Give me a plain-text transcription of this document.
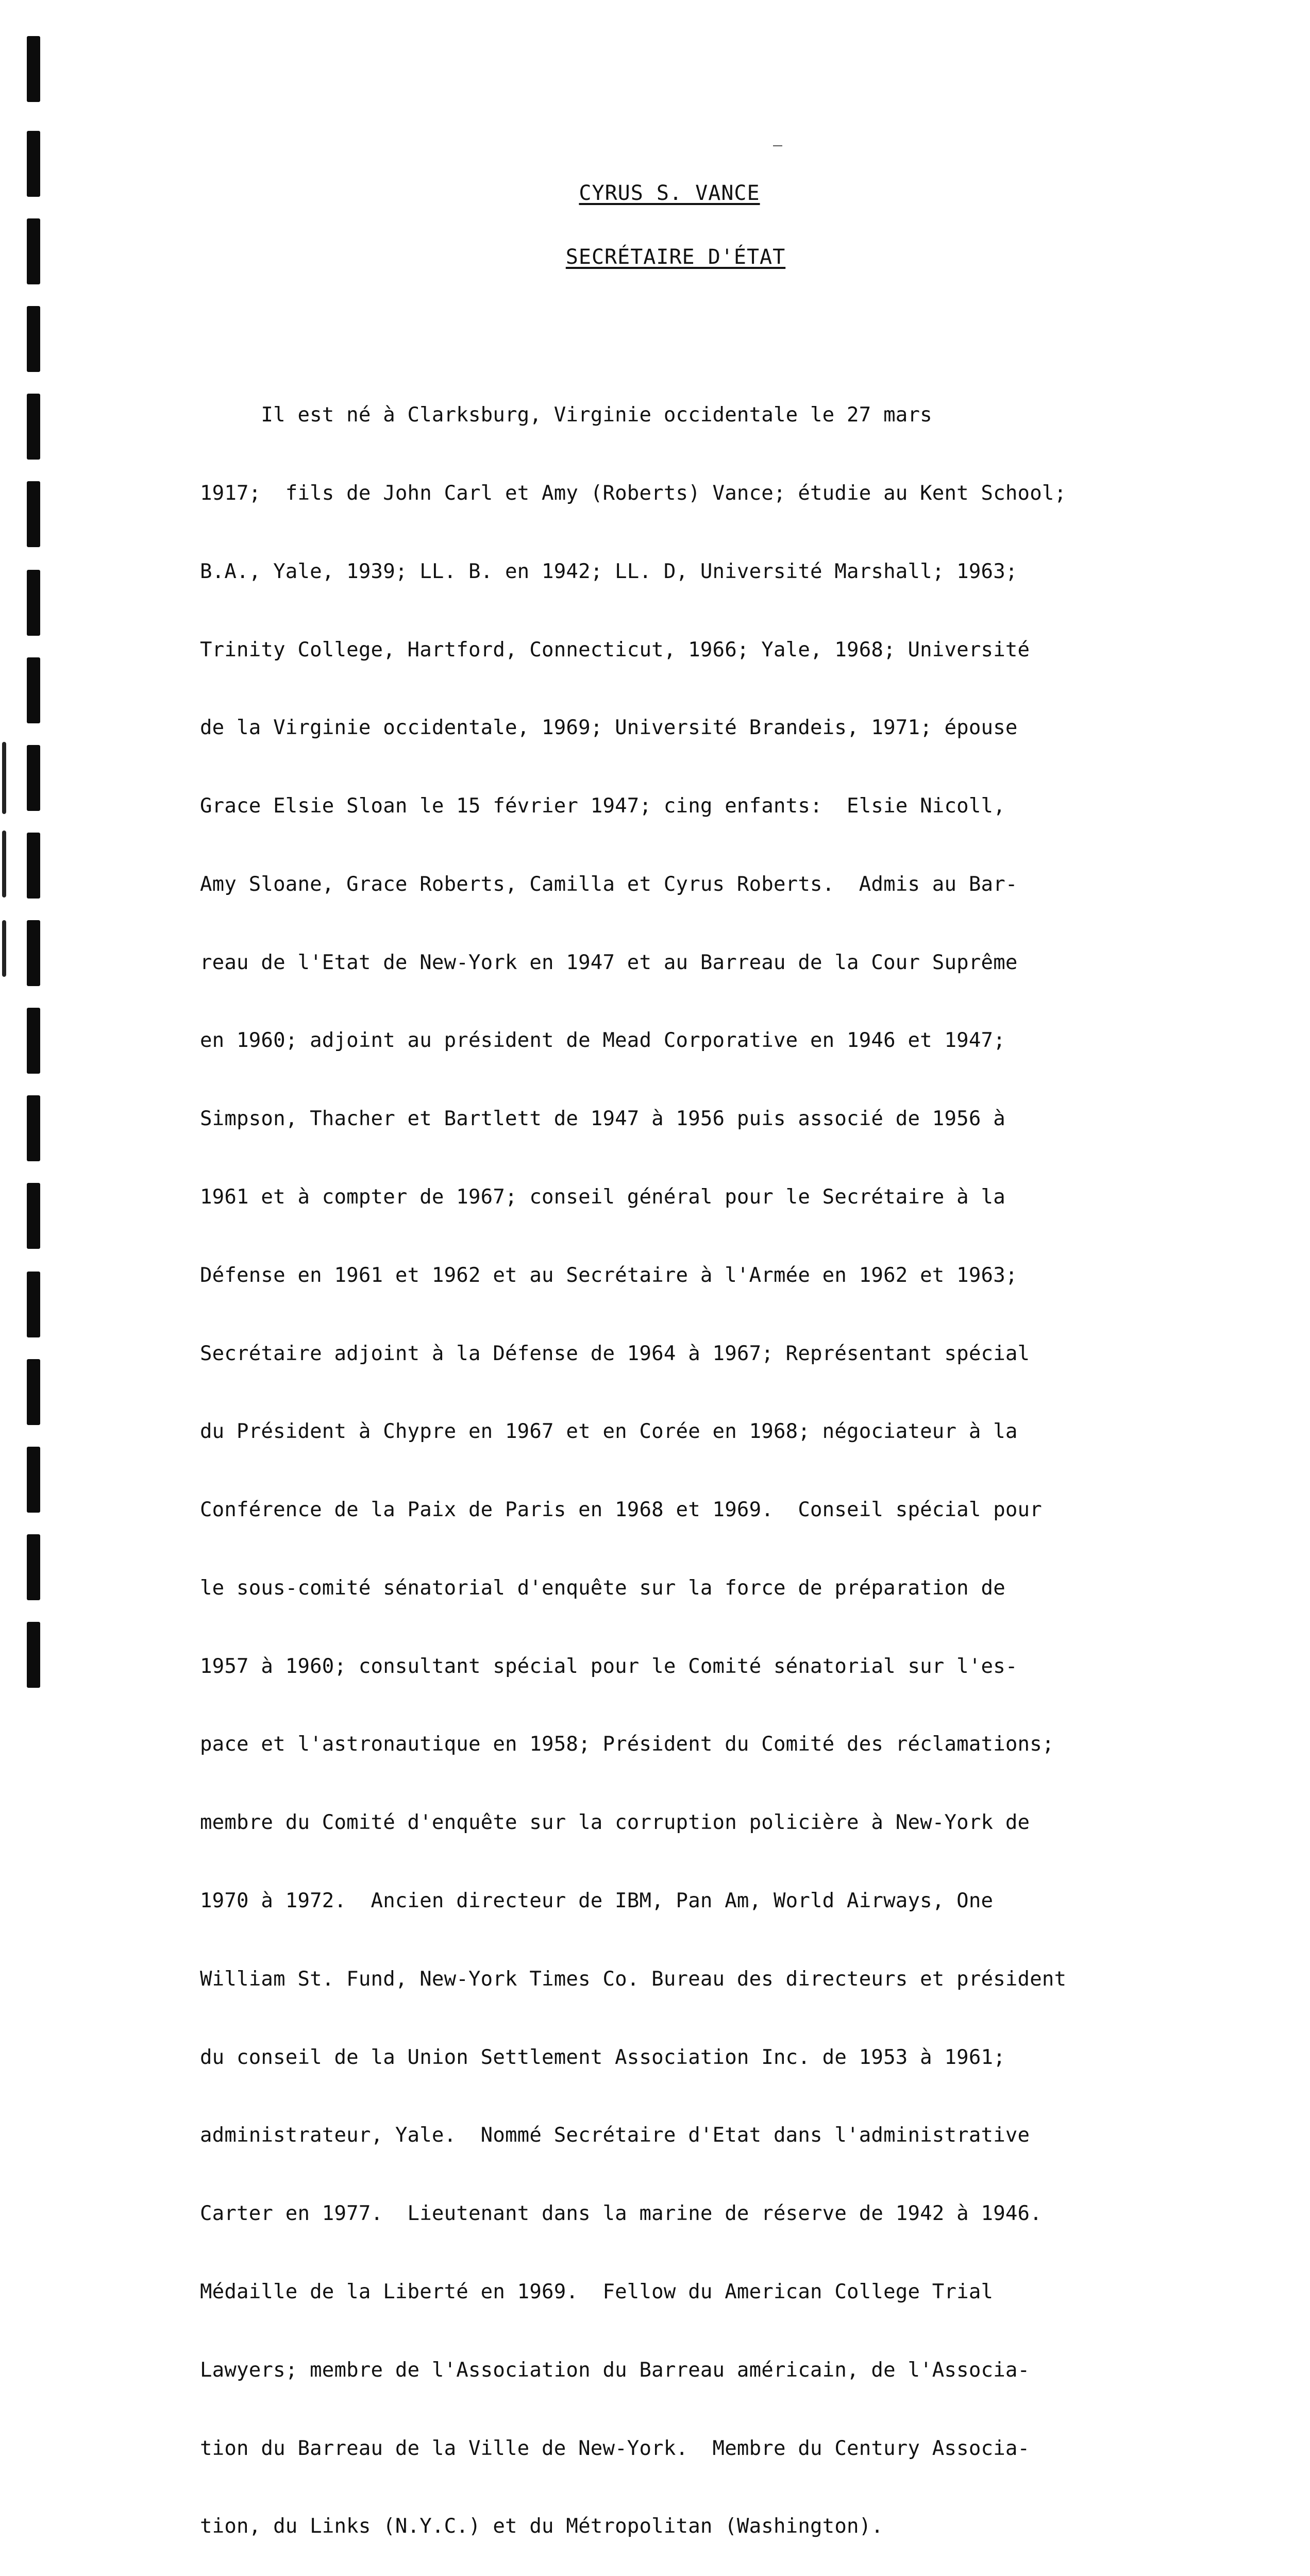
CYRUS S. VANCE
SECRÉTAIRE D'ÉTAT

Il est né à Clarksburg, Virginie occidentale le 27 mars

1917;  fils de John Carl et Amy (Roberts) Vance; étudie au Kent School;

B.A., Yale, 1939; LL. B. en 1942; LL. D, Université Marshall; 1963;

Trinity College, Hartford, Connecticut, 1966; Yale, 1968; Université

de la Virginie occidentale, 1969; Université Brandeis, 1971; épouse

Grace Elsie Sloan le 15 février 1947; cing enfants:  Elsie Nicoll,

Amy Sloane, Grace Roberts, Camilla et Cyrus Roberts.  Admis au Bar-

reau de l'Etat de New-York en 1947 et au Barreau de la Cour Suprême

en 1960; adjoint au président de Mead Corporative en 1946 et 1947;

Simpson, Thacher et Bartlett de 1947 à 1956 puis associé de 1956 à

1961 et à compter de 1967; conseil général pour le Secrétaire à la

Défense en 1961 et 1962 et au Secrétaire à l'Armée en 1962 et 1963;

Secrétaire adjoint à la Défense de 1964 à 1967; Représentant spécial

du Président à Chypre en 1967 et en Corée en 1968; négociateur à la

Conférence de la Paix de Paris en 1968 et 1969.  Conseil spécial pour

le sous-comité sénatorial d'enquête sur la force de préparation de

1957 à 1960; consultant spécial pour le Comité sénatorial sur l'es-

pace et l'astronautique en 1958; Président du Comité des réclamations;

membre du Comité d'enquête sur la corruption policière à New-York de

1970 à 1972.  Ancien directeur de IBM, Pan Am, World Airways, One

William St. Fund, New-York Times Co. Bureau des directeurs et président

du conseil de la Union Settlement Association Inc. de 1953 à 1961;

administrateur, Yale.  Nommé Secrétaire d'Etat dans l'administrative

Carter en 1977.  Lieutenant dans la marine de réserve de 1942 à 1946.

Médaille de la Liberté en 1969.  Fellow du American College Trial

Lawyers; membre de l'Association du Barreau américain, de l'Associa-

tion du Barreau de la Ville de New-York.  Membre du Century Associa-

tion, du Links (N.Y.C.) et du Métropolitan (Washington).
